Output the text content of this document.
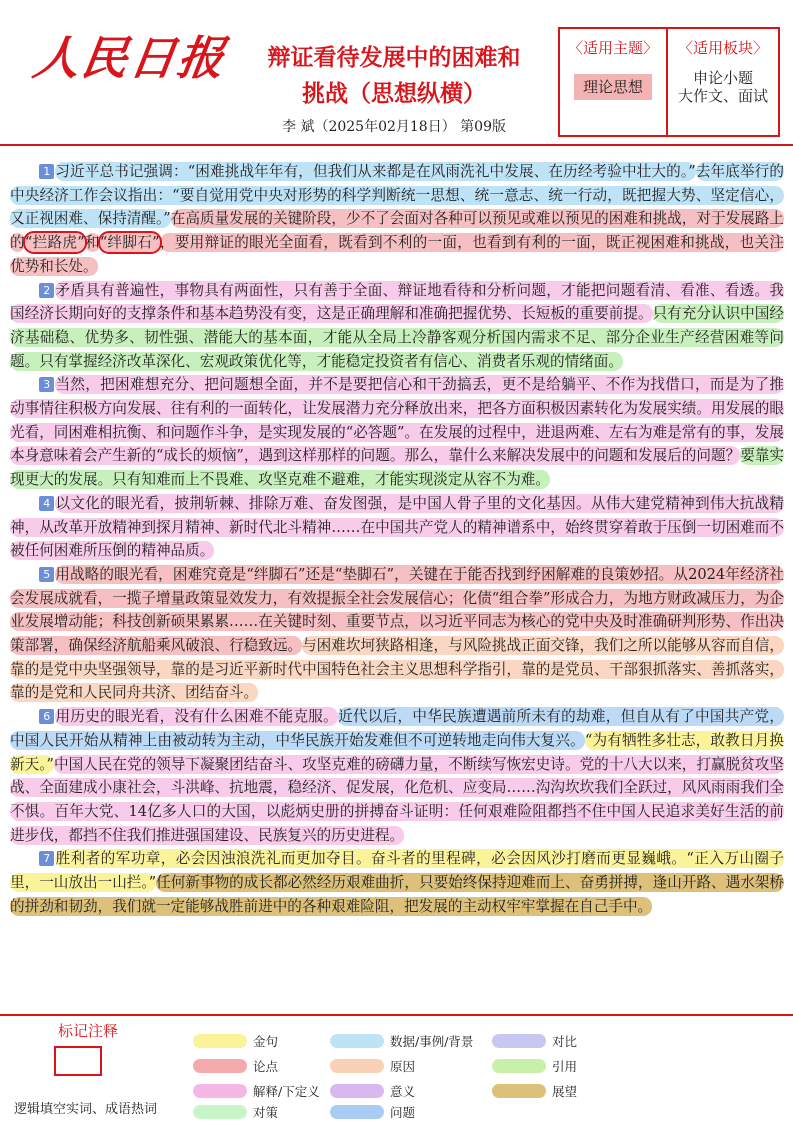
人民日报	辩证看待发展中的困难和
挑战（思想纵横）
李 斌（2025年02月18日） 第09版
〈适用主题〉	〈适用板块〉
理论思想	申论小题
大作文、面试

1 习近平总书记强调：“困难挑战年年有，但我们从来都是在风雨洗礼中发展、在历经考验中壮大的。”去年底举行的中央经济工作会议指出：“要自觉用党中央对形势的科学判断统一思想、统一意志、统一行动，既把握大势、坚定信心，又正视困难、保持清醒。”在高质量发展的关键阶段，少不了会面对各种可以预见或难以预见的困难和挑战，对于发展路上的“拦路虎”和“绊脚石”，要用辩证的眼光全面看，既看到不利的一面，也看到有利的一面，既正视困难和挑战，也关注优势和长处。

2 矛盾具有普遍性，事物具有两面性，只有善于全面、辩证地看待和分析问题，才能把问题看清、看准、看透。我国经济长期向好的支撑条件和基本趋势没有变，这是正确理解和准确把握优势、长短板的重要前提。只有充分认识中国经济基础稳、优势多、韧性强、潜能大的基本面，才能从全局上冷静客观分析国内需求不足、部分企业生产经营困难等问题。只有掌握经济改革深化、宏观政策优化等，才能稳定投资者有信心、消费者乐观的情绪面。

3 当然，把困难想充分、把问题想全面，并不是要把信心和干劲搞丢，更不是给躺平、不作为找借口，而是为了推动事情往积极方向发展、往有利的一面转化，让发展潜力充分释放出来，把各方面积极因素转化为发展实绩。用发展的眼光看，同困难相抗衡、和问题作斗争，是实现发展的“必答题”。在发展的过程中，进退两难、左右为难是常有的事，发展本身意味着会产生新的“成长的烦恼”，遇到这样那样的问题。那么，靠什么来解决发展中的问题和发展后的问题？要靠实现更大的发展。只有知难而上不畏难、攻坚克难不避难，才能实现淡定从容不为难。

4 以文化的眼光看，披荆斩棘、排除万难、奋发图强，是中国人骨子里的文化基因。从伟大建党精神到伟大抗战精神，从改革开放精神到探月精神、新时代北斗精神……在中国共产党人的精神谱系中，始终贯穿着敢于压倒一切困难而不被任何困难所压倒的精神品质。

5 用战略的眼光看，困难究竟是“绊脚石”还是“垫脚石”，关键在于能否找到纾困解难的良策妙招。从2024年经济社会发展成就看，一揽子增量政策显效发力，有效提振全社会发展信心；化债“组合拳”形成合力，为地方财政减压力，为企业发展增动能；科技创新硕果累累……在关键时刻、重要节点，以习近平同志为核心的党中央及时准确研判形势、作出决策部署，确保经济航船乘风破浪、行稳致远。与困难坎坷狭路相逢，与风险挑战正面交锋，我们之所以能够从容而自信，靠的是党中央坚强领导，靠的是习近平新时代中国特色社会主义思想科学指引，靠的是党员、干部狠抓落实、善抓落实，靠的是党和人民同舟共济、团结奋斗。

6 用历史的眼光看，没有什么困难不能克服。近代以后，中华民族遭遇前所未有的劫难，但自从有了中国共产党，中国人民开始从精神上由被动转为主动，中华民族开始发难但不可逆转地走向伟大复兴。“为有牺牲多壮志，敢教日月换新天。”中国人民在党的领导下凝聚团结奋斗、攻坚克难的磅礴力量，不断续写恢宏史诗。党的十八大以来，打赢脱贫攻坚战、全面建成小康社会，斗洪峰、抗地震，稳经济、促发展，化危机、应变局……沟沟坎坎我们全跃过，风风雨雨我们全不惧。百年大党、14亿多人口的大国，以彪炳史册的拼搏奋斗证明：任何艰难险阻都挡不住中国人民追求美好生活的前进步伐，都挡不住我们推进强国建设、民族复兴的历史进程。

7 胜利者的军功章，必会因浊浪洗礼而更加夺目。奋斗者的里程碑，必会因风沙打磨而更显巍峨。“正入万山圈子里，一山放出一山拦。”任何新事物的成长都必然经历艰难曲折，只要始终保持迎难而上、奋勇拼搏，逢山开路、遇水架桥的拼劲和韧劲，我们就一定能够战胜前进中的各种艰难险阻，把发展的主动权牢牢掌握在自己手中。

标记注释
逻辑填空实词、成语热词
金句	数据/事例/背景	对比
论点	原因	引用
解释/下定义	意义	展望
对策	问题
